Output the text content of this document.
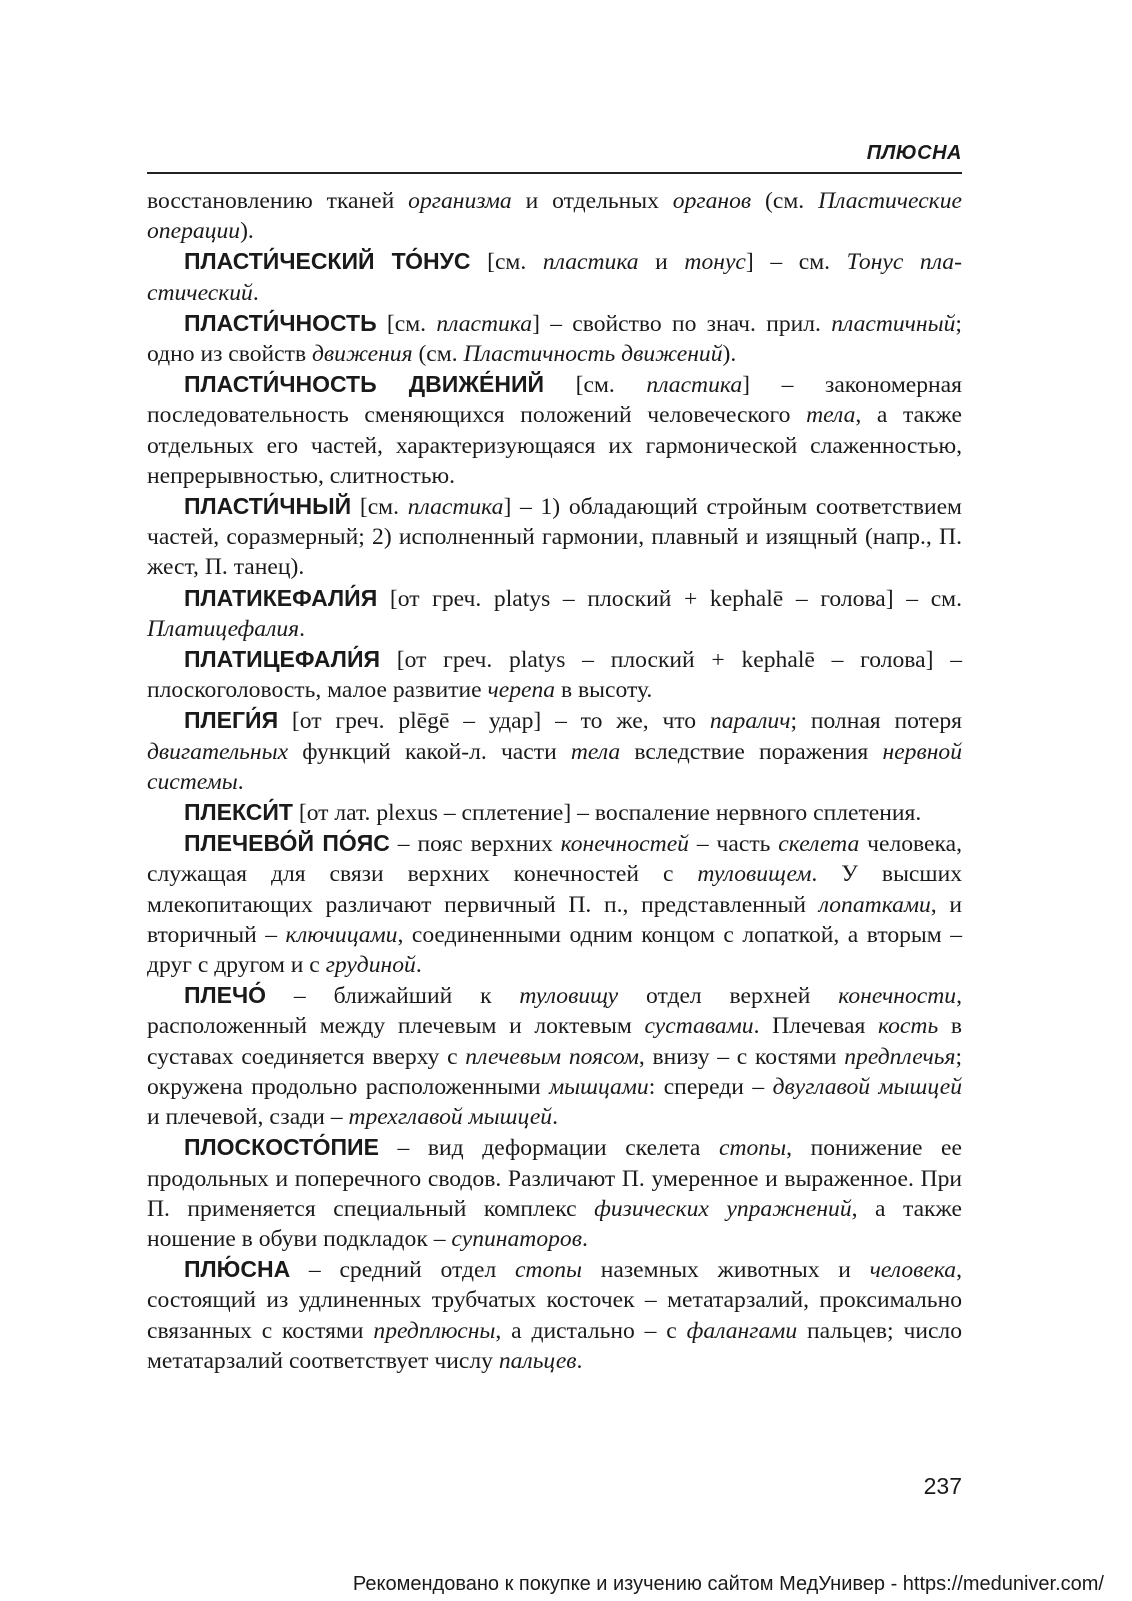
ПЛЮСНА

восстановлению тканей организма и отдельных органов (см. Пластические операции).

ПЛАСТИ́ЧЕСКИЙ ТО́НУС [см. пластика и тонус] – см. Тонус пластический.

ПЛАСТИ́ЧНОСТЬ [см. пластика] – свойство по знач. прил. пластичный; одно из свойств движения (см. Пластичность движений).

ПЛАСТИ́ЧНОСТЬ ДВИЖЕ́НИЙ [см. пластика] – закономерная последовательность сменяющихся положений человеческого тела, а также отдельных его частей, характеризующаяся их гармонической слаженностью, непрерывностью, слитностью.

ПЛАСТИ́ЧНЫЙ [см. пластика] – 1) обладающий стройным соответствием частей, соразмерный; 2) исполненный гармонии, плавный и изящный (напр., П. жест, П. танец).

ПЛАТИКЕФАЛИ́Я [от греч. platys – плоский + kephalē – голова] – см. Платицефалия.

ПЛАТИЦЕФАЛИ́Я [от греч. platys – плоский + kephalē – голова] – плоскоголовость, малое развитие черепа в высоту.

ПЛЕГИ́Я [от греч. plēgē – удар] – то же, что паралич; полная потеря двигательных функций какой-л. части тела вследствие поражения нервной системы.

ПЛЕКСИ́Т [от лат. plexus – сплетение] – воспаление нервного сплетения.

ПЛЕЧЕВО́Й ПО́ЯС – пояс верхних конечностей – часть скелета человека, служащая для связи верхних конечностей с туловищем. У высших млекопитающих различают первичный П. п., представленный лопатками, и вторичный – ключицами, соединенными одним концом с лопаткой, а вторым – друг с другом и с грудиной.

ПЛЕЧО́ – ближайший к туловищу отдел верхней конечности, расположенный между плечевым и локтевым суставами. Плечевая кость в суставах соединяется вверху с плечевым поясом, внизу – с костями предплечья; окружена продольно расположенными мышцами: спереди – двуглавой мышцей и плечевой, сзади – трехглавой мышцей.

ПЛОСКОСТО́ПИЕ – вид деформации скелета стопы, понижение ее продольных и поперечного сводов. Различают П. умеренное и выраженное. При П. применяется специальный комплекс физических упражнений, а также ношение в обуви подкладок – супинаторов.

ПЛЮ́СНА – средний отдел стопы наземных животных и человека, состоящий из удлиненных трубчатых косточек – метатарзалий, проксимально связанных с костями предплюсны, а дистально – с фалангами пальцев; число метатарзалий соответствует числу пальцев.

237
Рекомендовано к покупке и изучению сайтом МедУнивер - https://meduniver.com/
